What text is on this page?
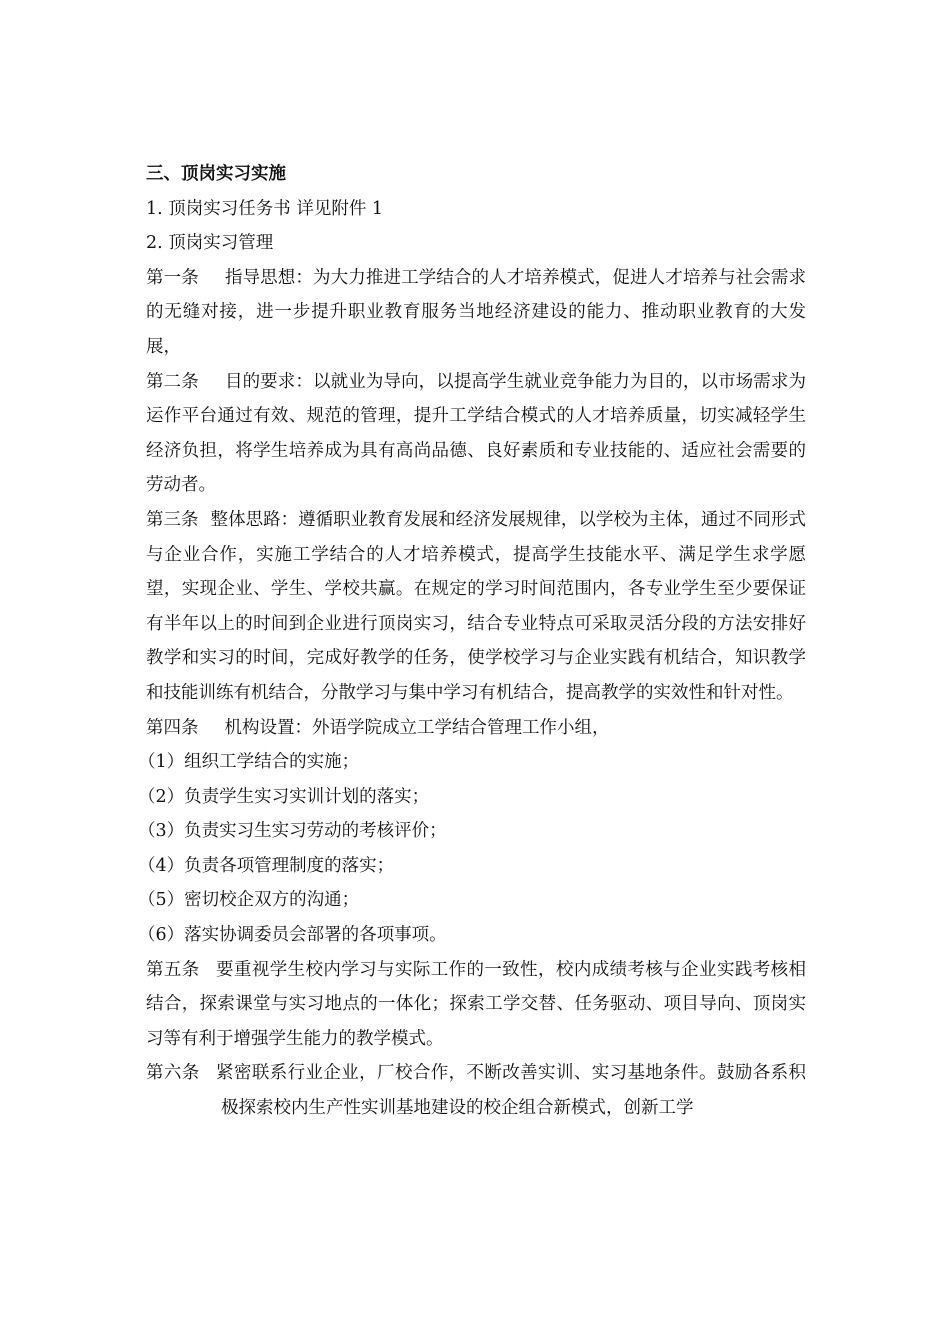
三、顶岗实习实施

1. 顶岗实习任务书 详见附件 1

2. 顶岗实习管理

第一条 指导思想：为大力推进工学结合的人才培养模式，促进人才培养与社会需求的无缝对接，进一步提升职业教育服务当地经济建设的能力、推动职业教育的大发展，

第二条 目的要求：以就业为导向，以提高学生就业竞争能力为目的，以市场需求为运作平台通过有效、规范的管理，提升工学结合模式的人才培养质量，切实减轻学生经济负担，将学生培养成为具有高尚品德、良好素质和专业技能的、适应社会需要的劳动者。

第三条 整体思路：遵循职业教育发展和经济发展规律，以学校为主体，通过不同形式与企业合作，实施工学结合的人才培养模式，提高学生技能水平、满足学生求学愿望，实现企业、学生、学校共赢。在规定的学习时间范围内，各专业学生至少要保证有半年以上的时间到企业进行顶岗实习，结合专业特点可采取灵活分段的方法安排好教学和实习的时间，完成好教学的任务，使学校学习与企业实践有机结合，知识教学和技能训练有机结合，分散学习与集中学习有机结合，提高教学的实效性和针对性。

第四条 机构设置：外语学院成立工学结合管理工作小组，

（1）组织工学结合的实施；

（2）负责学生实习实训计划的落实；

（3）负责实习生实习劳动的考核评价；

（4）负责各项管理制度的落实；

（5）密切校企双方的沟通；

（6）落实协调委员会部署的各项事项。

第五条 要重视学生校内学习与实际工作的一致性，校内成绩考核与企业实践考核相结合，探索课堂与实习地点的一体化；探索工学交替、任务驱动、项目导向、顶岗实习等有利于增强学生能力的教学模式。

第六条 紧密联系行业企业，厂校合作，不断改善实训、实习基地条件。鼓励各系积极探索校内生产性实训基地建设的校企组合新模式，创新工学
